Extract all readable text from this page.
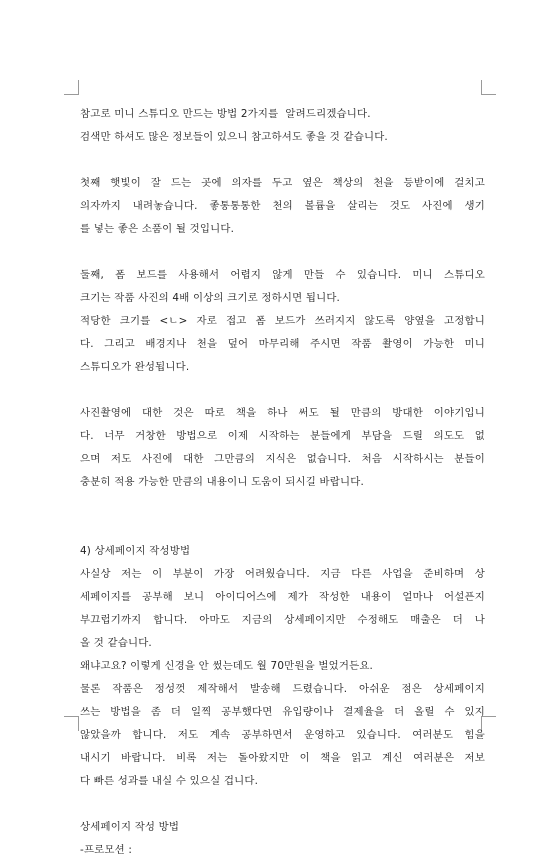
참고로 미니 스튜디오 만드는 방법 2가지를  알려드리겠습니다.
검색만 하셔도 많은 정보들이 있으니 참고하셔도 좋을 것 같습니다.
첫째 햇빛이 잘 드는 곳에 의자를 두고 옆은 책상의 천을 등받이에 걸치고
의자까지 내려놓습니다. 좋통통통한 천의 볼륨을 살리는 것도 사진에 생기
를 넣는 좋은 소품이 될 것입니다.
둘째, 폼 보드를 사용해서 어렵지 않게 만들 수 있습니다. 미니 스튜디오
크기는 작품 사진의 4배 이상의 크기로 정하시면 됩니다.
적당한 크기를 <ㄴ> 자로 접고 폼 보드가 쓰러지지 않도록 양옆을 고정합니
다. 그리고 배경지나 천을 덮어 마무리해 주시면 작품 촬영이 가능한 미니
스튜디오가 완성됩니다.
사진촬영에 대한 것은 따로 책을 하나 써도 될 만큼의 방대한 이야기입니
다. 너무 거창한 방법으로 이제 시작하는 분들에게 부담을 드릴 의도도 없
으며 저도 사진에 대한 그만큼의 지식은 없습니다. 처음 시작하시는 분들이
충분히 적용 가능한 만큼의 내용이니 도움이 되시길 바랍니다.
4) 상세페이지 작성방법
사실상 저는 이 부분이 가장 어려웠습니다. 지금 다른 사업을 준비하며 상
세페이지를 공부해 보니 아이디어스에 제가 작성한 내용이 얼마나 어설픈지
부끄럽기까지 합니다. 아마도 지금의 상세페이지만 수정해도 매출은 더 나
올 것 같습니다.
왜냐고요? 이렇게 신경을 안 썼는데도 월 70만원을 벌었거든요.
물론 작품은 정성껏 제작해서 발송해 드렸습니다. 아쉬운 점은 상세페이지
쓰는 방법을 좀 더 일찍 공부했다면 유입량이나 결제율을 더 올릴 수 있지
않았을까 합니다. 저도 계속 공부하면서 운영하고 있습니다. 여러분도 힘을
내시기 바랍니다. 비록 저는 돌아왔지만 이 책을 읽고 계신 여러분은 저보
다 빠른 성과를 내실 수 있으실 겁니다.
상세페이지 작성 방법
-프로모션 :
